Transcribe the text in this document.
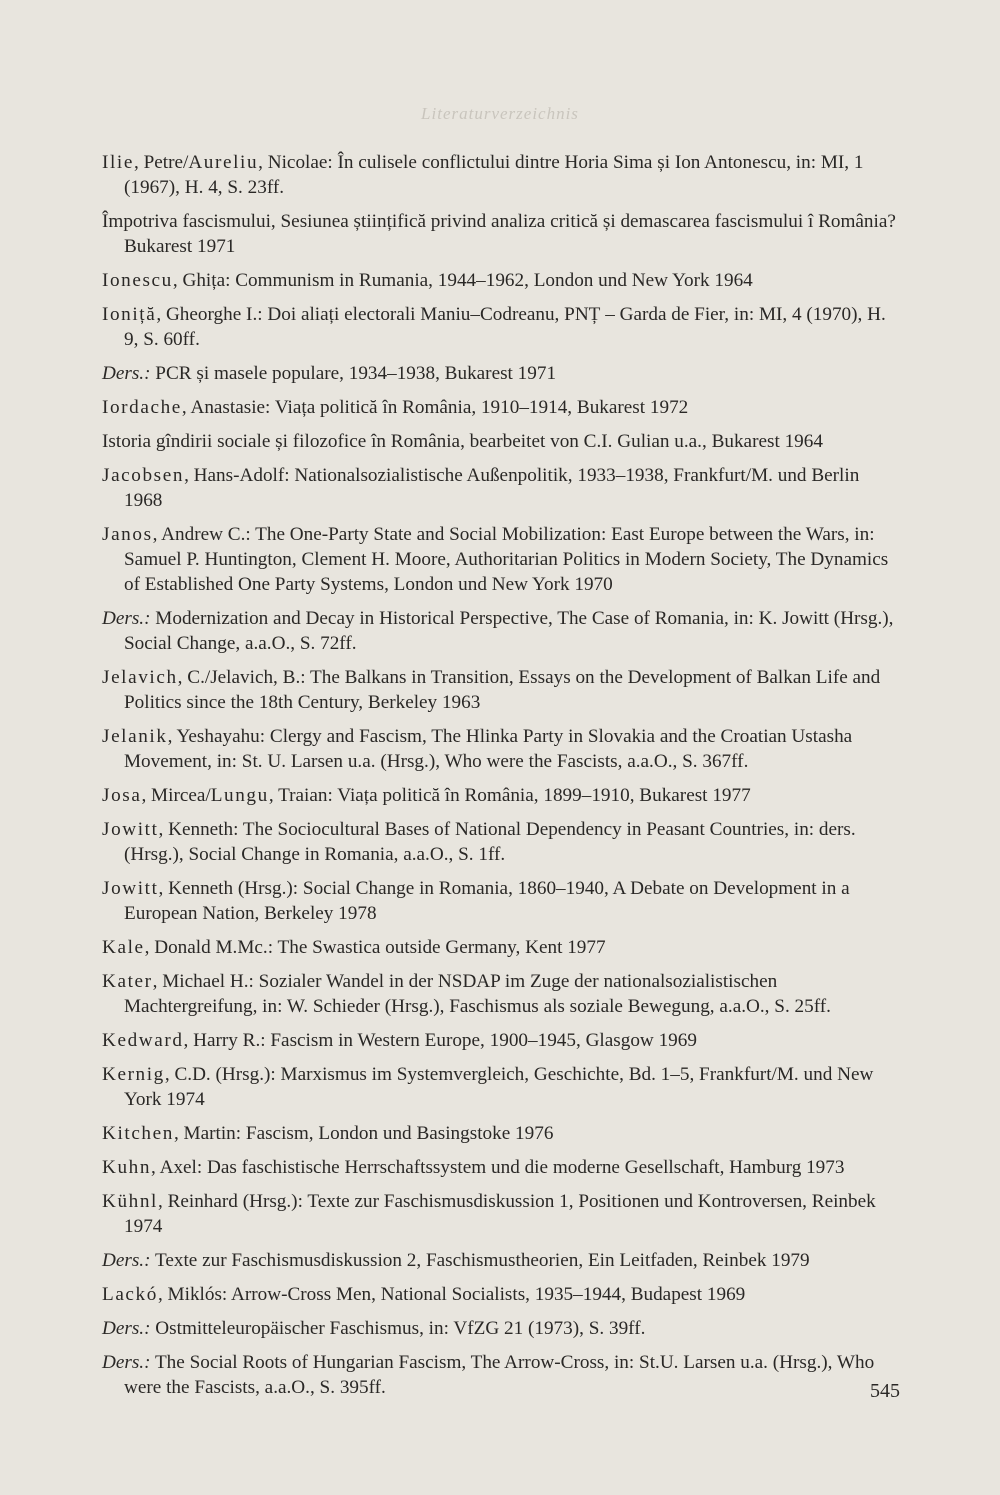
Literaturverzeichnis
Ilie, Petre/Aureliu, Nicolae: În culisele conflictului dintre Horia Sima și Ion Antonescu, in: MI, 1 (1967), H. 4, S. 23ff.
Împotriva fascismului, Sesiunea științifică privind analiza critică și demascarea fascismului î România? Bukarest 1971
Ionescu, Ghița: Communism in Rumania, 1944–1962, London und New York 1964
Ioniță, Gheorghe I.: Doi aliați electorali Maniu–Codreanu, PNȚ – Garda de Fier, in: MI, 4 (1970), H. 9, S. 60ff.
Ders.: PCR și masele populare, 1934–1938, Bukarest 1971
Iordache, Anastasie: Viața politică în România, 1910–1914, Bukarest 1972
Istoria gîndirii sociale și filozofice în România, bearbeitet von C.I. Gulian u.a., Bukarest 1964
Jacobsen, Hans-Adolf: Nationalsozialistische Außenpolitik, 1933–1938, Frankfurt/M. und Berlin 1968
Janos, Andrew C.: The One-Party State and Social Mobilization: East Europe between the Wars, in: Samuel P. Huntington, Clement H. Moore, Authoritarian Politics in Modern Society, The Dynamics of Established One Party Systems, London und New York 1970
Ders.: Modernization and Decay in Historical Perspective, The Case of Romania, in: K. Jowitt (Hrsg.), Social Change, a.a.O., S. 72ff.
Jelavich, C./Jelavich, B.: The Balkans in Transition, Essays on the Development of Balkan Life and Politics since the 18th Century, Berkeley 1963
Jelanik, Yeshayahu: Clergy and Fascism, The Hlinka Party in Slovakia and the Croatian Ustasha Movement, in: St. U. Larsen u.a. (Hrsg.), Who were the Fascists, a.a.O., S. 367ff.
Josa, Mircea/Lungu, Traian: Viața politică în România, 1899–1910, Bukarest 1977
Jowitt, Kenneth: The Sociocultural Bases of National Dependency in Peasant Countries, in: ders. (Hrsg.), Social Change in Romania, a.a.O., S. 1ff.
Jowitt, Kenneth (Hrsg.): Social Change in Romania, 1860–1940, A Debate on Development in a European Nation, Berkeley 1978
Kale, Donald M.Mc.: The Swastica outside Germany, Kent 1977
Kater, Michael H.: Sozialer Wandel in der NSDAP im Zuge der nationalsozialistischen Machtergreifung, in: W. Schieder (Hrsg.), Faschismus als soziale Bewegung, a.a.O., S. 25ff.
Kedward, Harry R.: Fascism in Western Europe, 1900–1945, Glasgow 1969
Kernig, C.D. (Hrsg.): Marxismus im Systemvergleich, Geschichte, Bd. 1–5, Frankfurt/M. und New York 1974
Kitchen, Martin: Fascism, London und Basingstoke 1976
Kuhn, Axel: Das faschistische Herrschaftssystem und die moderne Gesellschaft, Hamburg 1973
Kühnl, Reinhard (Hrsg.): Texte zur Faschismusdiskussion 1, Positionen und Kontroversen, Reinbek 1974
Ders.: Texte zur Faschismusdiskussion 2, Faschismustheorien, Ein Leitfaden, Reinbek 1979
Lackó, Miklós: Arrow-Cross Men, National Socialists, 1935–1944, Budapest 1969
Ders.: Ostmitteleuropäischer Faschismus, in: VfZG 21 (1973), S. 39ff.
Ders.: The Social Roots of Hungarian Fascism, The Arrow-Cross, in: St.U. Larsen u.a. (Hrsg.), Who were the Fascists, a.a.O., S. 395ff.	545
